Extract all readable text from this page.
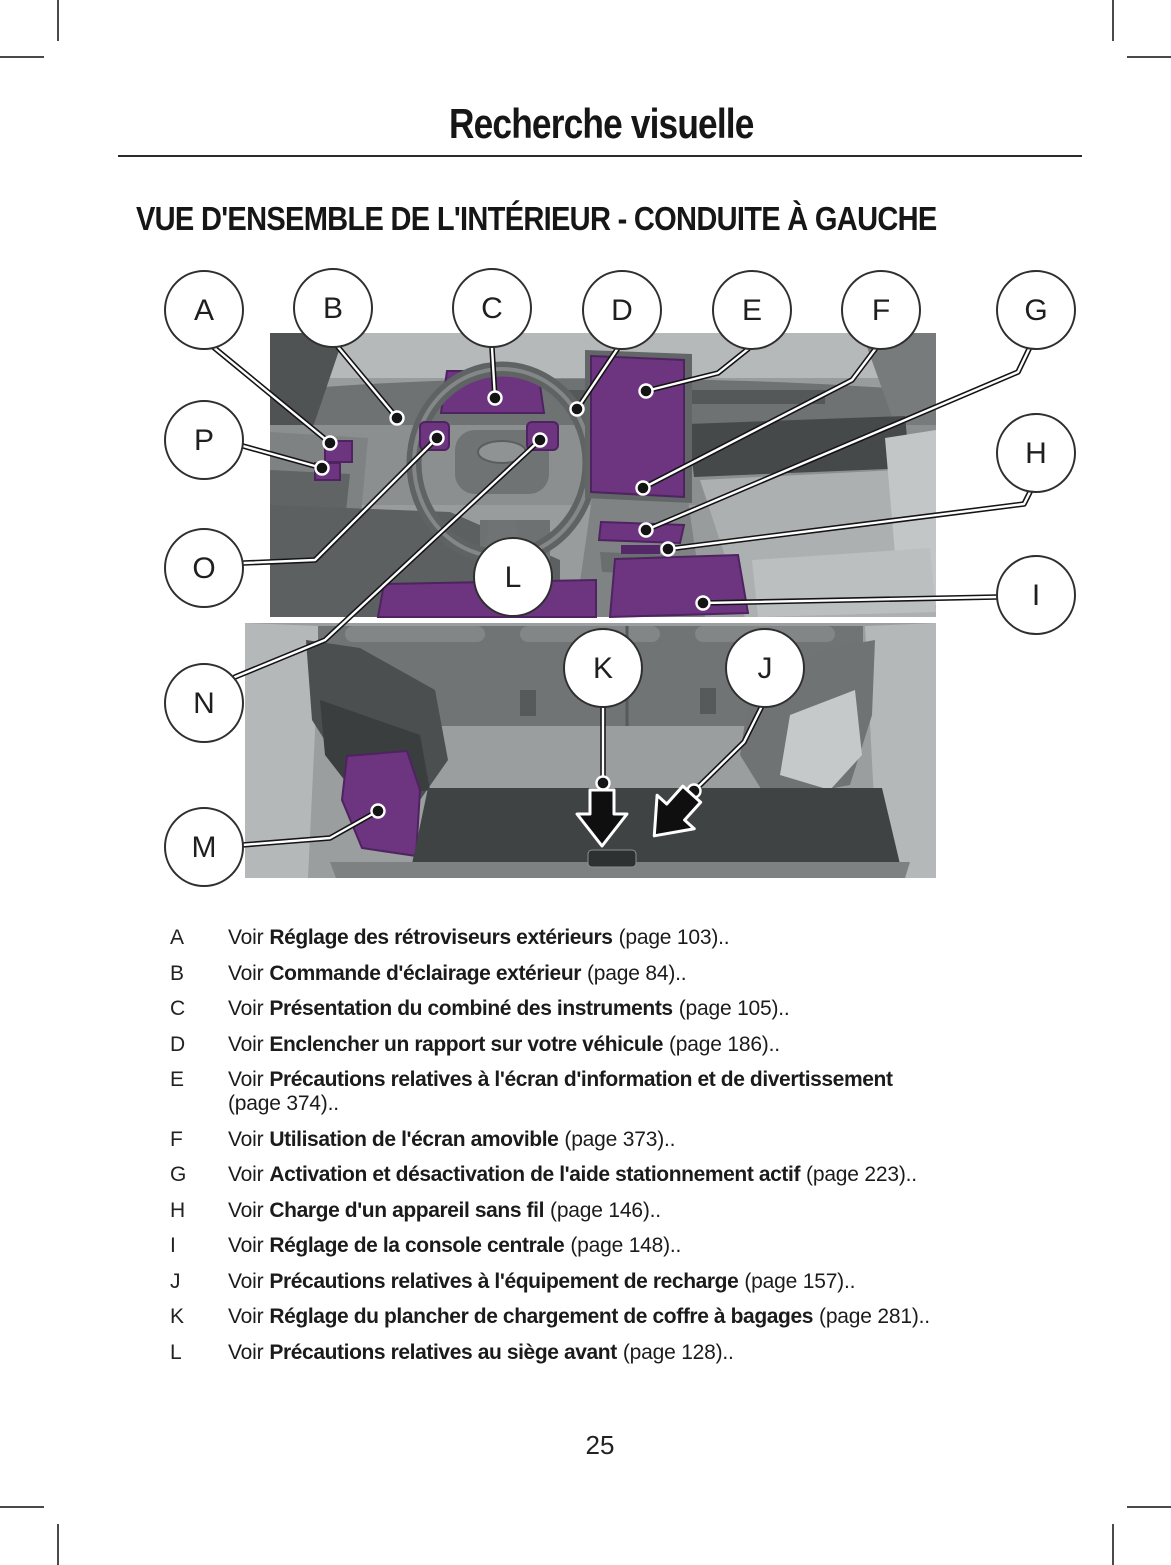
Recherche visuelle
VUE D'ENSEMBLE DE L'INTÉRIEUR - CONDUITE À GAUCHE
A	B	C	D	E	F	G
H
I
J
K
L
M
N
O
P
A	Voir Réglage des rétroviseurs extérieurs (page 103)..
B	Voir Commande d'éclairage extérieur (page 84)..
C	Voir Présentation du combiné des instruments (page 105)..
D	Voir Enclencher un rapport sur votre véhicule (page 186)..
E	Voir Précautions relatives à l'écran d'information et de divertissement
(page 374)..
F	Voir Utilisation de l'écran amovible (page 373)..
G	Voir Activation et désactivation de l'aide stationnement actif (page 223)..
H	Voir Charge d'un appareil sans fil (page 146)..
I	Voir Réglage de la console centrale (page 148)..
J	Voir Précautions relatives à l'équipement de recharge (page 157)..
K	Voir Réglage du plancher de chargement de coffre à bagages (page 281)..
L	Voir Précautions relatives au siège avant (page 128)..
25
